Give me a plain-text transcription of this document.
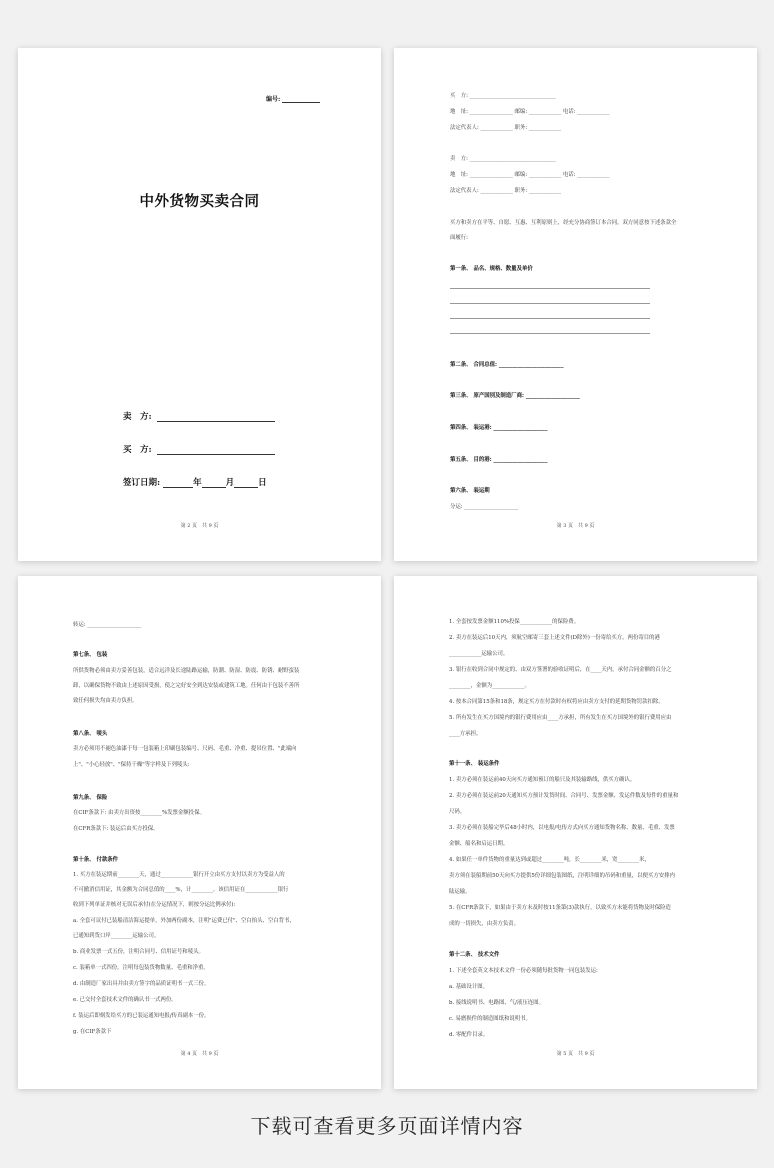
编号:
中外货物买卖合同
卖　方:
买　方:
签订日期:	年	月	日
第 2 页　共 9 页
买　方: ________________________________
地　址: ________________ 邮编: ____________ 电话: ____________
法定代表人: ____________ 职务: ____________
卖　方: ________________________________
地　址: ________________ 邮编: ____________ 电话: ____________
法定代表人: ____________ 职务: ____________
买方和卖方在平等、自愿、互惠、互利原则上，经充分协商签订本合同，双方同意按下述条款全
面履行:
第一条、 品名、规格、数量及单价
第二条、 合同总值: ________________________
第三条、 原产国别及制造厂商: ____________________
第四条、 装运港: ____________________
第五条、 目的港: ____________________
第六条、 装运期
分运: ____________________
第 3 页　共 9 页
转运: ____________________
第七条、 包装
所供货物必须由卖方妥善包装，适合远洋及长途陆路运输，防潮、防湿、防震、防锈、耐野蛮装
卸，以确保货物不致由上述原因受损，使之完好安全到达安装或建筑工地。任何由于包装不善所
致任何损失均由卖方负担。
第八条、 唛头
卖方必须用不褪色油漆于每一包装箱上印刷包装编号、尺码、毛重、净重、提吊位置、"此端向
上"、"小心轻放"、"保持干燥"等字样及下列唛头:
第九条、 保险
在CIF条款下: 由卖方出资按________%发票金额投保。
在CFR条款下: 装运后由买方投保。
第十条、 付款条件
1. 买方在装运期前________天，通过____________银行开立由买方支付以卖方为受益人的
不可撤消信用证，其金额为合同总值的____%，计________。该信用证在____________银行
收到下列单证并核对无误后承付(在分运情况下，则按分运比例承付):
a. 全套可议付已装船清洁海运提单，外加两份副本，注明"运费已付"、空白抬头、空白背书，
已通知到货口岸________运输公司。
b. 商业发票一式五份，注明合同号、信用证号和唛头。
c. 装箱单一式四份，注明每包装货物数量、毛重和净重。
d. 由制造厂家出具并由卖方签字的品质证明书一式三份。
e. 已交付全套技术文件的确认书一式两份。
f. 装运后即刻发给买方的已装运通知电报/传真副本一份。
g. 在CIF条款下
第 4 页　共 9 页
1. 全套按发票金额110%投保____________的保险费。
2. 卖方在装运后10天内，须航空邮寄三套上述文件(D除外)一份寄给买方，两份寄目的港
____________运输公司。
3. 银行在收到合同中规定的、由双方签署的验收证明后，在____天内，承付合同金额的百分之
________，金额为____________。
4. 按本合同第15条和18条，规定买方在付款时有权将应由卖方支付的延期货物罚款扣除。
5. 所有发生在买方国境内的银行费用应由____方承担，所有发生在买方国境外的银行费用应由
____方承担。
第十一条、 装运条件
1. 卖方必须在装运前40天向买方通知预订的船只及其装输路线，供买方确认。
2. 卖方必须在装运前20天通知买方预计发货时间、合同号、发票金额、发运件数及每件的重量和
尺码。
3. 卖方必须在装船完毕后48小时内，以电报/电传方式向买方通知货物名称、数量、毛重、发票
金额、船名和启运日期。
4. 如果任一单件货物的重量达到或超过________吨，长________米，宽________米，
卖方须在装船期前50天向买方提供5份详细包装图纸，注明详细的吊码和重量，以便买方安排内
陆运输。
5. 在CFR条款下，如果由于卖方未及时按11条第(3)款执行，以致买方未能将货物及时保险造
成的一切损失，由卖方负责。
第十二条、 技术文件
1. 下述全套英文本技术文件一份必须随每批货物一同包装发运:
a. 基础设计图。
b. 接线说明书、电路图、气/液压连图。
c. 易磨损件的制造图纸和说明书。
d. 零配件目录。
第 5 页　共 9 页
下载可查看更多页面详情内容
